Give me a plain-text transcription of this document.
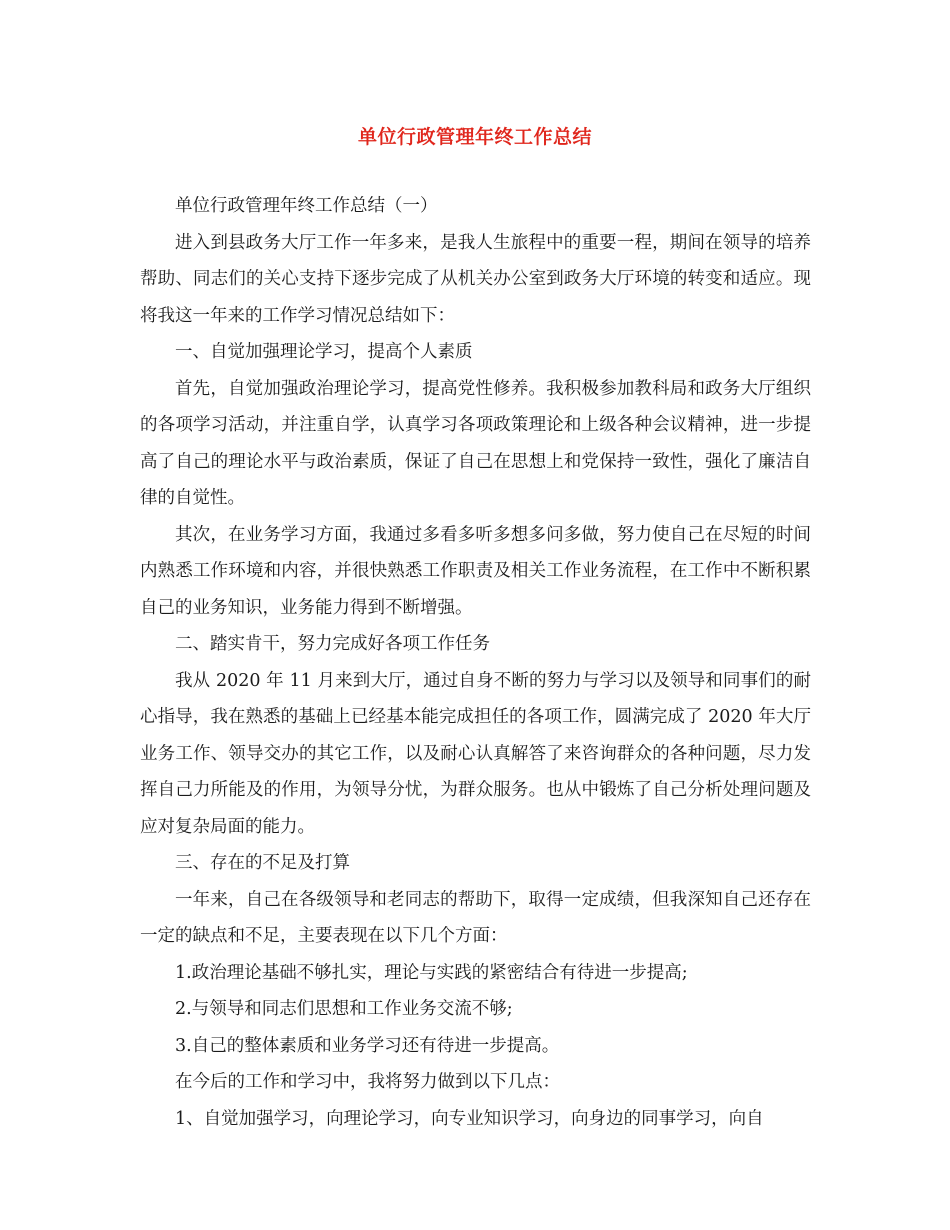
单位行政管理年终工作总结

单位行政管理年终工作总结（一）

进入到县政务大厅工作一年多来，是我人生旅程中的重要一程，期间在领导的培养帮助、同志们的关心支持下逐步完成了从机关办公室到政务大厅环境的转变和适应。现将我这一年来的工作学习情况总结如下：

一、自觉加强理论学习，提高个人素质

首先，自觉加强政治理论学习，提高党性修养。我积极参加教科局和政务大厅组织的各项学习活动，并注重自学，认真学习各项政策理论和上级各种会议精神，进一步提高了自己的理论水平与政治素质，保证了自己在思想上和党保持一致性，强化了廉洁自律的自觉性。

其次，在业务学习方面，我通过多看多听多想多问多做，努力使自己在尽短的时间内熟悉工作环境和内容，并很快熟悉工作职责及相关工作业务流程，在工作中不断积累自己的业务知识，业务能力得到不断增强。

二、踏实肯干，努力完成好各项工作任务

我从 2020 年 11 月来到大厅，通过自身不断的努力与学习以及领导和同事们的耐心指导，我在熟悉的基础上已经基本能完成担任的各项工作，圆满完成了 2020 年大厅业务工作、领导交办的其它工作，以及耐心认真解答了来咨询群众的各种问题，尽力发挥自己力所能及的作用，为领导分忧，为群众服务。也从中锻炼了自己分析处理问题及应对复杂局面的能力。

三、存在的不足及打算

一年来，自己在各级领导和老同志的帮助下，取得一定成绩，但我深知自己还存在一定的缺点和不足，主要表现在以下几个方面：

1.政治理论基础不够扎实，理论与实践的紧密结合有待进一步提高;

2.与领导和同志们思想和工作业务交流不够;

3.自己的整体素质和业务学习还有待进一步提高。

在今后的工作和学习中，我将努力做到以下几点：

1、自觉加强学习，向理论学习，向专业知识学习，向身边的同事学习，向自
